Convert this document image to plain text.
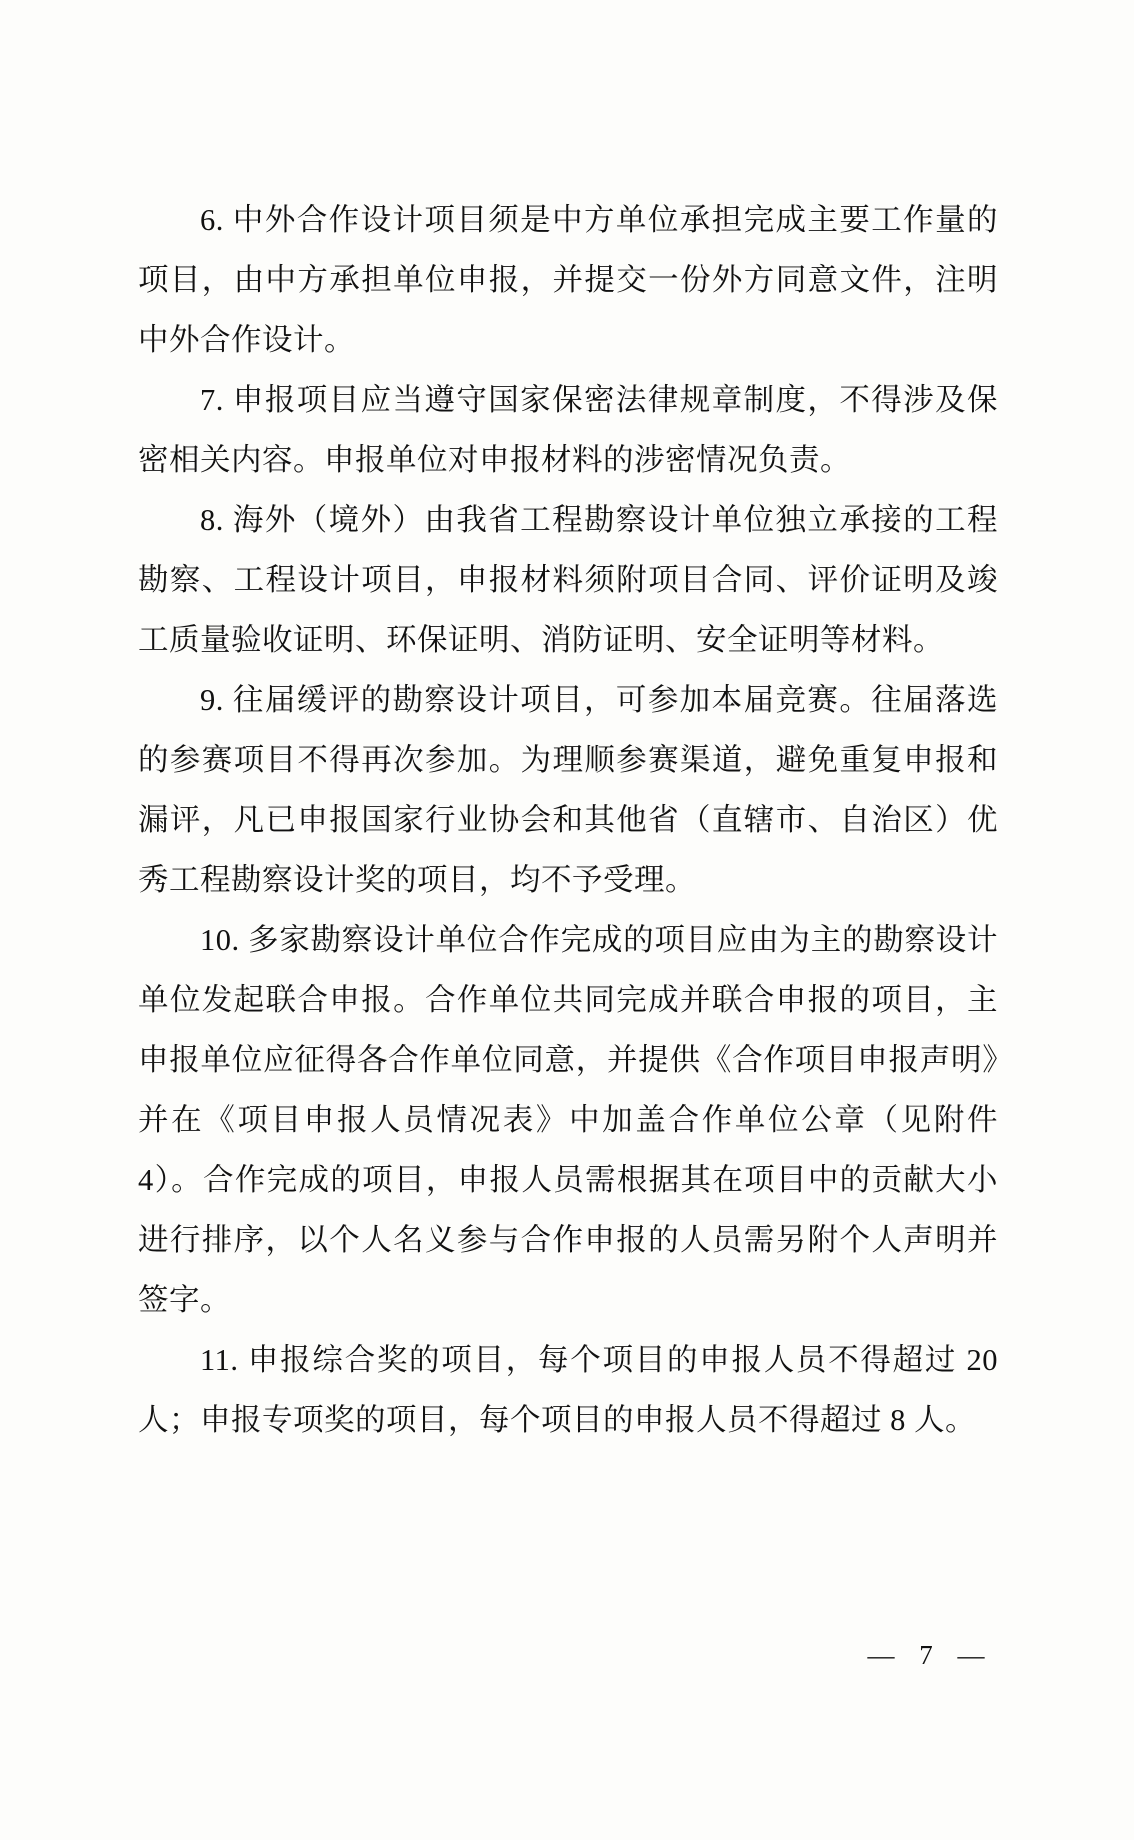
6. 中外合作设计项目须是中方单位承担完成主要工作量的项目，由中方承担单位申报，并提交一份外方同意文件，注明中外合作设计。

7. 申报项目应当遵守国家保密法律规章制度，不得涉及保密相关内容。申报单位对申报材料的涉密情况负责。

8. 海外（境外）由我省工程勘察设计单位独立承接的工程勘察、工程设计项目，申报材料须附项目合同、评价证明及竣工质量验收证明、环保证明、消防证明、安全证明等材料。

9. 往届缓评的勘察设计项目，可参加本届竞赛。往届落选的参赛项目不得再次参加。为理顺参赛渠道，避免重复申报和漏评，凡已申报国家行业协会和其他省（直辖市、自治区）优秀工程勘察设计奖的项目，均不予受理。

10. 多家勘察设计单位合作完成的项目应由为主的勘察设计单位发起联合申报。合作单位共同完成并联合申报的项目，主申报单位应征得各合作单位同意，并提供《合作项目申报声明》并在《项目申报人员情况表》中加盖合作单位公章（见附件 4）。合作完成的项目，申报人员需根据其在项目中的贡献大小进行排序，以个人名义参与合作申报的人员需另附个人声明并签字。

11. 申报综合奖的项目，每个项目的申报人员不得超过 20 人；申报专项奖的项目，每个项目的申报人员不得超过 8 人。

— 7 —
